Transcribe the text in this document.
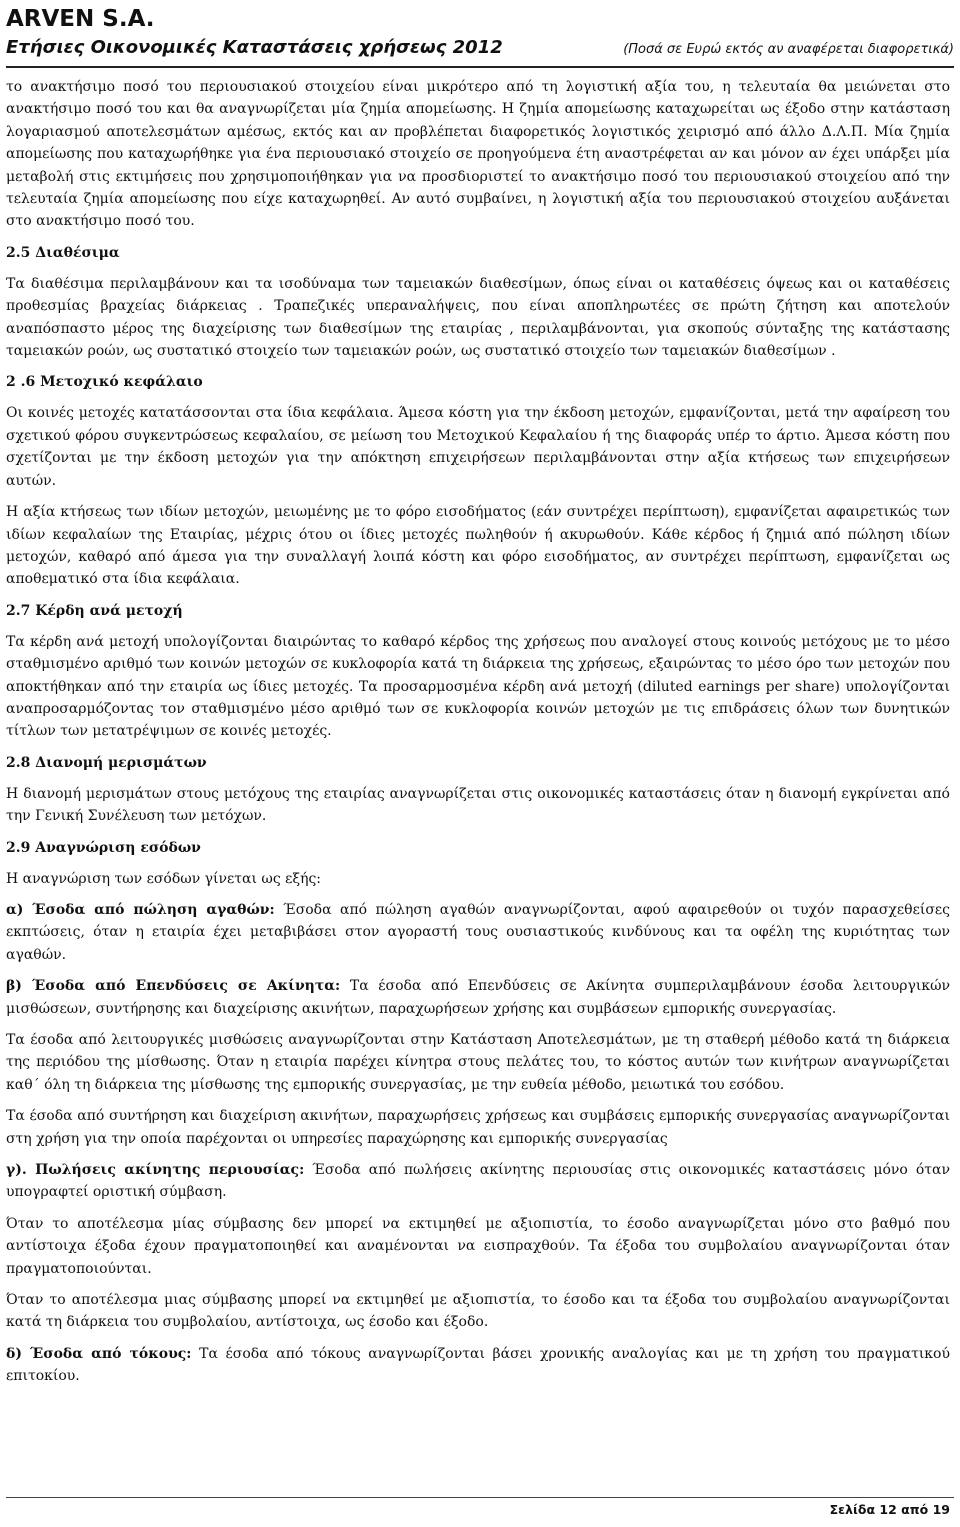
ARVEN S.A.
Ετήσιες Οικονομικές Καταστάσεις χρήσεως 2012	(Ποσά σε Ευρώ εκτός αν αναφέρεται διαφορετικά)

το ανακτήσιμο ποσό του περιουσιακού στοιχείου είναι μικρότερο από τη λογιστική αξία του, η τελευταία θα μειώνεται στο ανακτήσιμο ποσό του και θα αναγνωρίζεται μία ζημία απομείωσης. Η ζημία απομείωσης καταχωρείται ως έξοδο στην κατάσταση λογαριασμού αποτελεσμάτων αμέσως, εκτός και αν προβλέπεται διαφορετικός λογιστικός χειρισμό από άλλο Δ.Λ.Π. Μία ζημία απομείωσης που καταχωρήθηκε για ένα περιουσιακό στοιχείο σε προηγούμενα έτη αναστρέφεται αν και μόνον αν έχει υπάρξει μία μεταβολή στις εκτιμήσεις που χρησιμοποιήθηκαν για να προσδιοριστεί το ανακτήσιμο ποσό του περιουσιακού στοιχείου από την τελευταία ζημία απομείωσης που είχε καταχωρηθεί. Αν αυτό συμβαίνει, η λογιστική αξία του περιουσιακού στοιχείου αυξάνεται στο ανακτήσιμο ποσό του.

2.5 Διαθέσιμα

Τα διαθέσιμα περιλαμβάνουν και τα ισοδύναμα των ταμειακών διαθεσίμων, όπως είναι οι καταθέσεις όψεως και οι καταθέσεις προθεσμίας βραχείας διάρκειας . Τραπεζικές υπεραναλήψεις, που είναι αποπληρωτέες σε πρώτη ζήτηση και αποτελούν αναπόσπαστο μέρος της διαχείρισης των διαθεσίμων της εταιρίας , περιλαμβάνονται, για σκοπούς σύνταξης της κατάστασης ταμειακών ροών, ως συστατικό στοιχείο των ταμειακών ροών, ως συστατικό στοιχείο των ταμειακών διαθεσίμων .

2 .6 Μετοχικό κεφάλαιο

Οι κοινές μετοχές κατατάσσονται στα ίδια κεφάλαια. Άμεσα κόστη για την έκδοση μετοχών, εμφανίζονται, μετά την αφαίρεση του σχετικού φόρου συγκεντρώσεως κεφαλαίου, σε μείωση του Μετοχικού Κεφαλαίου ή της διαφοράς υπέρ το άρτιο. Άμεσα κόστη που σχετίζονται με την έκδοση μετοχών για την απόκτηση επιχειρήσεων περιλαμβάνονται στην αξία κτήσεως των επιχειρήσεων αυτών.

Η αξία κτήσεως των ιδίων μετοχών, μειωμένης με το φόρο εισοδήματος (εάν συντρέχει περίπτωση), εμφανίζεται αφαιρετικώς των ιδίων κεφαλαίων της Εταιρίας, μέχρις ότου οι ίδιες μετοχές πωληθούν ή ακυρωθούν. Κάθε κέρδος ή ζημιά από πώληση ιδίων μετοχών, καθαρό από άμεσα για την συναλλαγή λοιπά κόστη και φόρο εισοδήματος, αν συντρέχει περίπτωση, εμφανίζεται ως αποθεματικό στα ίδια κεφάλαια.

2.7 Κέρδη ανά μετοχή

Τα κέρδη ανά μετοχή υπολογίζονται διαιρώντας το καθαρό κέρδος της χρήσεως που αναλογεί στους κοινούς μετόχους με το μέσο σταθμισμένο αριθμό των κοινών μετοχών σε κυκλοφορία κατά τη διάρκεια της χρήσεως, εξαιρώντας το μέσο όρο των μετοχών που αποκτήθηκαν από την εταιρία ως ίδιες μετοχές. Τα προσαρμοσμένα κέρδη ανά μετοχή (diluted earnings per share) υπολογίζονται αναπροσαρμόζοντας τον σταθμισμένο μέσο αριθμό των σε κυκλοφορία κοινών μετοχών με τις επιδράσεις όλων των δυνητικών τίτλων των μετατρέψιμων σε κοινές μετοχές.

2.8 Διανομή μερισμάτων

Η διανομή μερισμάτων στους μετόχους της εταιρίας αναγνωρίζεται στις οικονομικές καταστάσεις όταν η διανομή εγκρίνεται από την Γενική Συνέλευση των μετόχων.

2.9 Αναγνώριση εσόδων

Η αναγνώριση των εσόδων γίνεται ως εξής:

α) Έσοδα από πώληση αγαθών: Έσοδα από πώληση αγαθών αναγνωρίζονται, αφού αφαιρεθούν οι τυχόν παρασχεθείσες εκπτώσεις, όταν η εταιρία έχει μεταβιβάσει στον αγοραστή τους ουσιαστικούς κινδύνους και τα οφέλη της κυριότητας των αγαθών.

β) Έσοδα από Επενδύσεις σε Ακίνητα: Τα έσοδα από Επενδύσεις σε Ακίνητα συμπεριλαμβάνουν έσοδα λειτουργικών μισθώσεων, συντήρησης και διαχείρισης ακινήτων, παραχωρήσεων χρήσης και συμβάσεων εμπορικής συνεργασίας.

Τα έσοδα από λειτουργικές μισθώσεις αναγνωρίζονται στην Κατάσταση Αποτελεσμάτων, με τη σταθερή μέθοδο κατά τη διάρκεια της περιόδου της μίσθωσης. Όταν η εταιρία παρέχει κίνητρα στους πελάτες του, το κόστος αυτών των κινήτρων αναγνωρίζεται καθ΄ όλη τη διάρκεια της μίσθωσης της εμπορικής συνεργασίας, με την ευθεία μέθοδο, μειωτικά του εσόδου.

Τα έσοδα από συντήρηση και διαχείριση ακινήτων, παραχωρήσεις χρήσεως και συμβάσεις εμπορικής συνεργασίας αναγνωρίζονται στη χρήση για την οποία παρέχονται οι υπηρεσίες παραχώρησης και εμπορικής συνεργασίας

γ). Πωλήσεις ακίνητης περιουσίας: Έσοδα από πωλήσεις ακίνητης περιουσίας στις οικονομικές καταστάσεις μόνο όταν υπογραφτεί οριστική σύμβαση.

Όταν το αποτέλεσμα μίας σύμβασης δεν μπορεί να εκτιμηθεί με αξιοπιστία, το έσοδο αναγνωρίζεται μόνο στο βαθμό που αντίστοιχα έξοδα έχουν πραγματοποιηθεί και αναμένονται να εισπραχθούν. Τα έξοδα του συμβολαίου αναγνωρίζονται όταν πραγματοποιούνται.

Όταν το αποτέλεσμα μιας σύμβασης μπορεί να εκτιμηθεί με αξιοπιστία, το έσοδο και τα έξοδα του συμβολαίου αναγνωρίζονται κατά τη διάρκεια του συμβολαίου, αντίστοιχα, ως έσοδο και έξοδο.

δ) Έσοδα από τόκους: Τα έσοδα από τόκους αναγνωρίζονται βάσει χρονικής αναλογίας και με τη χρήση του πραγματικού επιτοκίου.

Σελίδα 12 από 19
